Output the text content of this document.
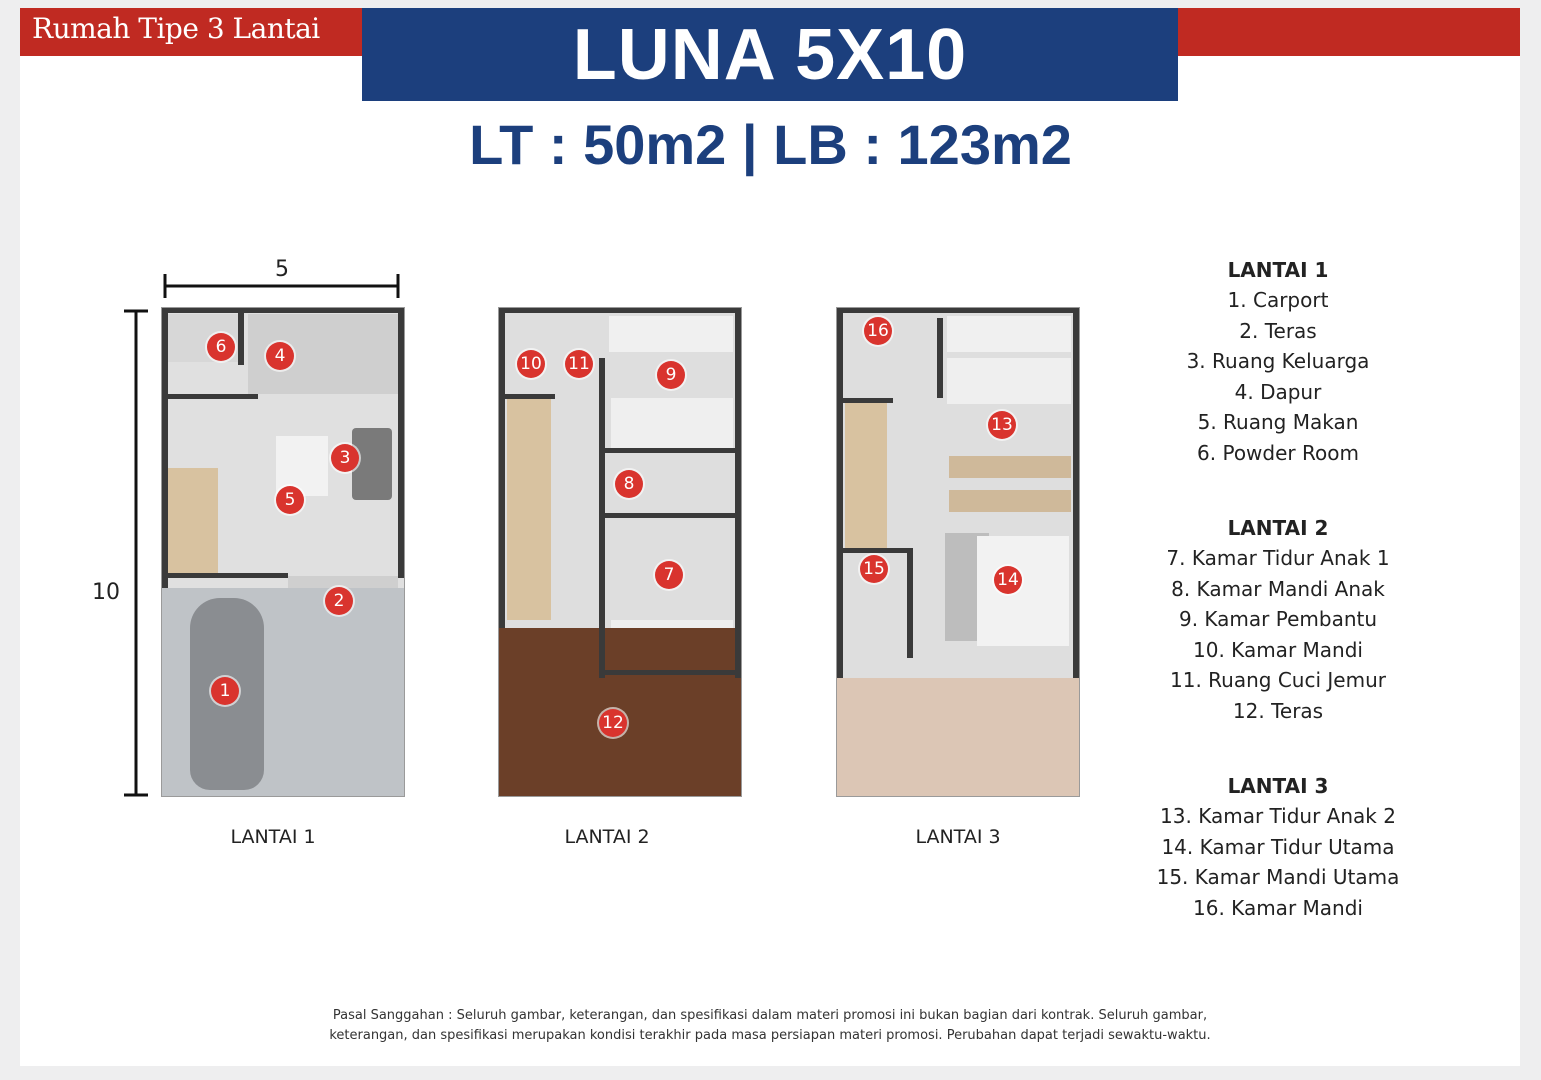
Rumah Tipe 3 Lantai	LUNA 5X10
LT : 50m2 | LB : 123m2
5
10
1
2
3
4
5
6
LANTAI 1
7
8
9
10 11
12
LANTAI 2
13
14
15
16
LANTAI 3
LANTAI 1
1. Carport
2. Teras
3. Ruang Keluarga
4. Dapur
5. Ruang Makan
6. Powder Room
LANTAI 2
7. Kamar Tidur Anak 1
8. Kamar Mandi Anak
9. Kamar Pembantu
10. Kamar Mandi
11. Ruang Cuci Jemur
12. Teras
LANTAI 3
13. Kamar Tidur Anak 2
14. Kamar Tidur Utama
15. Kamar Mandi Utama
16. Kamar Mandi
Pasal Sanggahan : Seluruh gambar, keterangan, dan spesifikasi dalam materi promosi ini bukan bagian dari kontrak. Seluruh gambar,
keterangan, dan spesifikasi merupakan kondisi terakhir pada masa persiapan materi promosi. Perubahan dapat terjadi sewaktu-waktu.
